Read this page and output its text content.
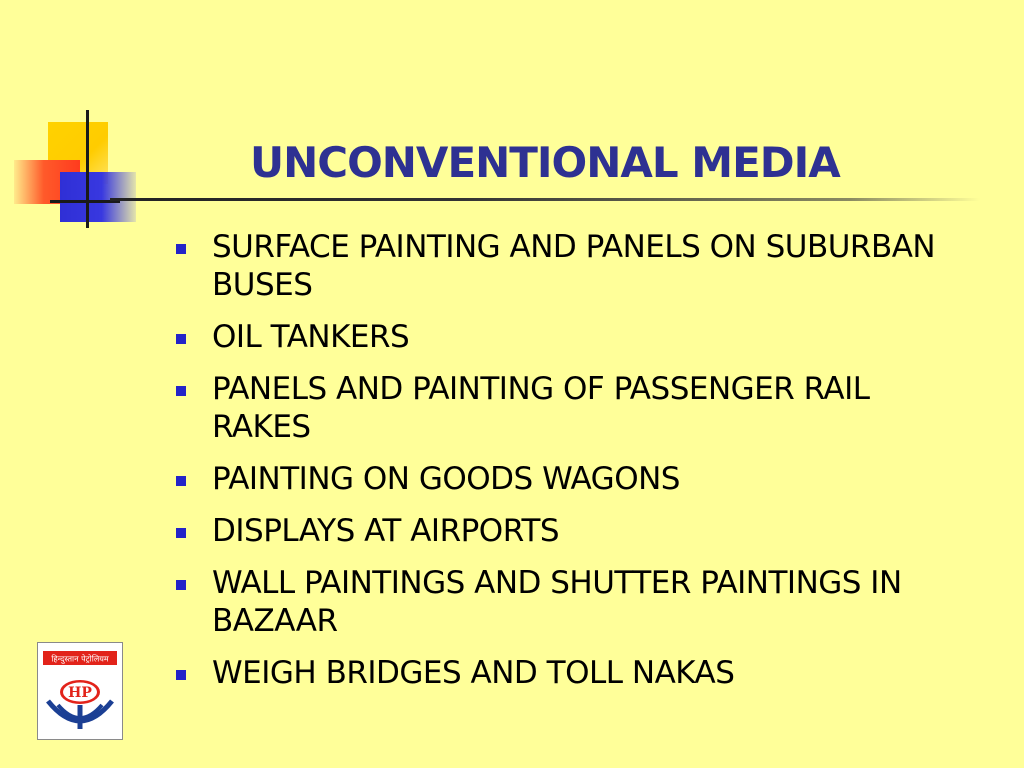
UNCONVENTIONAL MEDIA
SURFACE PAINTING AND PANELS ON SUBURBAN BUSES
OIL TANKERS
PANELS AND PAINTING OF PASSENGER RAIL RAKES
PAINTING ON GOODS WAGONS
DISPLAYS AT AIRPORTS
WALL PAINTINGS AND SHUTTER PAINTINGS IN BAZAAR
WEIGH BRIDGES AND TOLL NAKAS
हिन्दुस्तान पेट्रोलियम
HP
